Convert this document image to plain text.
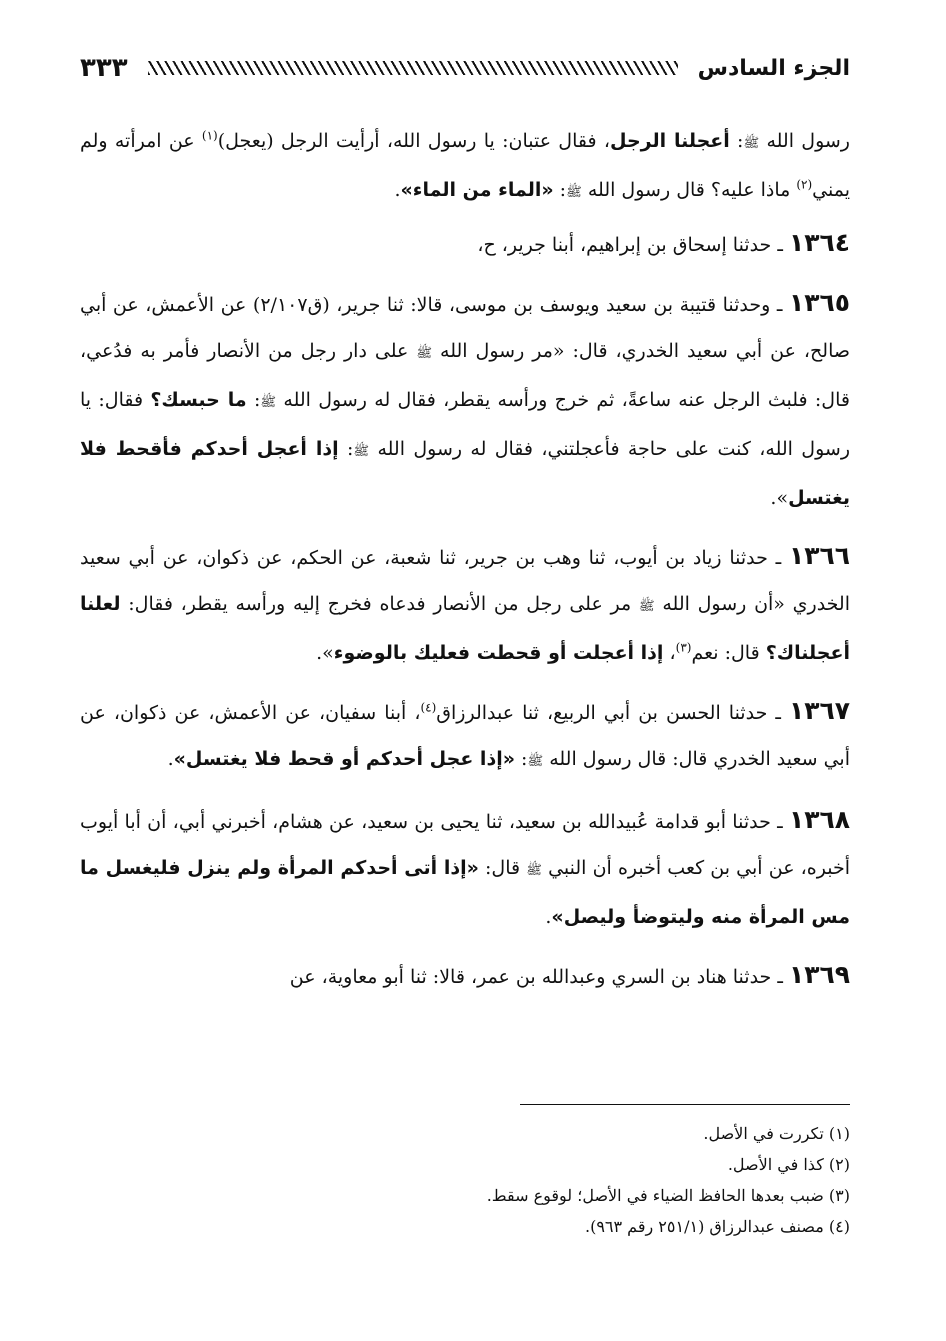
الجزء السادس
٣٣٣

رسول الله ﷺ: أعجلنا الرجل، فقال عتبان: يا رسول الله، أرأيت الرجل (يعجل)$^{(١)}$ عن امرأته ولم يمني$^{(٢)}$ ماذا عليه؟ قال رسول الله ﷺ: «الماء من الماء».

١٣٦٤ ـ حدثنا إسحاق بن إبراهيم، أبنا جرير، ح،

١٣٦٥ ـ وحدثنا قتيبة بن سعيد ويوسف بن موسى، قالا: ثنا جرير، (ق٢/١٠٧) عن الأعمش، عن أبي صالح، عن أبي سعيد الخدري، قال: «مر رسول الله ﷺ على دار رجل من الأنصار فأمر به فدُعي، قال: فلبث الرجل عنه ساعةً، ثم خرج ورأسه يقطر، فقال له رسول الله ﷺ: ما حبسك؟ فقال: يا رسول الله، كنت على حاجة فأعجلتني، فقال له رسول الله ﷺ: إذا أعجل أحدكم فأقحط فلا يغتسل».

١٣٦٦ ـ حدثنا زياد بن أيوب، ثنا وهب بن جرير، ثنا شعبة، عن الحكم، عن ذكوان، عن أبي سعيد الخدري «أن رسول الله ﷺ مر على رجل من الأنصار فدعاه فخرج إليه ورأسه يقطر، فقال: لعلنا أعجلناك؟ قال: نعم$^{(٣)}$، إذا أعجلت أو قحطت فعليك بالوضوء».

١٣٦٧ ـ حدثنا الحسن بن أبي الربيع، ثنا عبدالرزاق$^{(٤)}$، أبنا سفيان، عن الأعمش، عن ذكوان، عن أبي سعيد الخدري قال: قال رسول الله ﷺ: «إذا عجل أحدكم أو قحط فلا يغتسل».

١٣٦٨ ـ حدثنا أبو قدامة عُبيدالله بن سعيد، ثنا يحيى بن سعيد، عن هشام، أخبرني أبي، أن أبا أيوب أخبره، عن أبي بن كعب أخبره أن النبي ﷺ قال: «إذا أتى أحدكم المرأة ولم ينزل فليغسل ما مس المرأة منه وليتوضأ وليصل».

١٣٦٩ ـ حدثنا هناد بن السري وعبدالله بن عمر، قالا: ثنا أبو معاوية، عن

(١) تكررت في الأصل.

(٢) كذا في الأصل.

(٣) ضبب بعدها الحافظ الضياء في الأصل؛ لوقوع سقط.

(٤) مصنف عبدالرزاق (٢٥١/١ رقم ٩٦٣).
